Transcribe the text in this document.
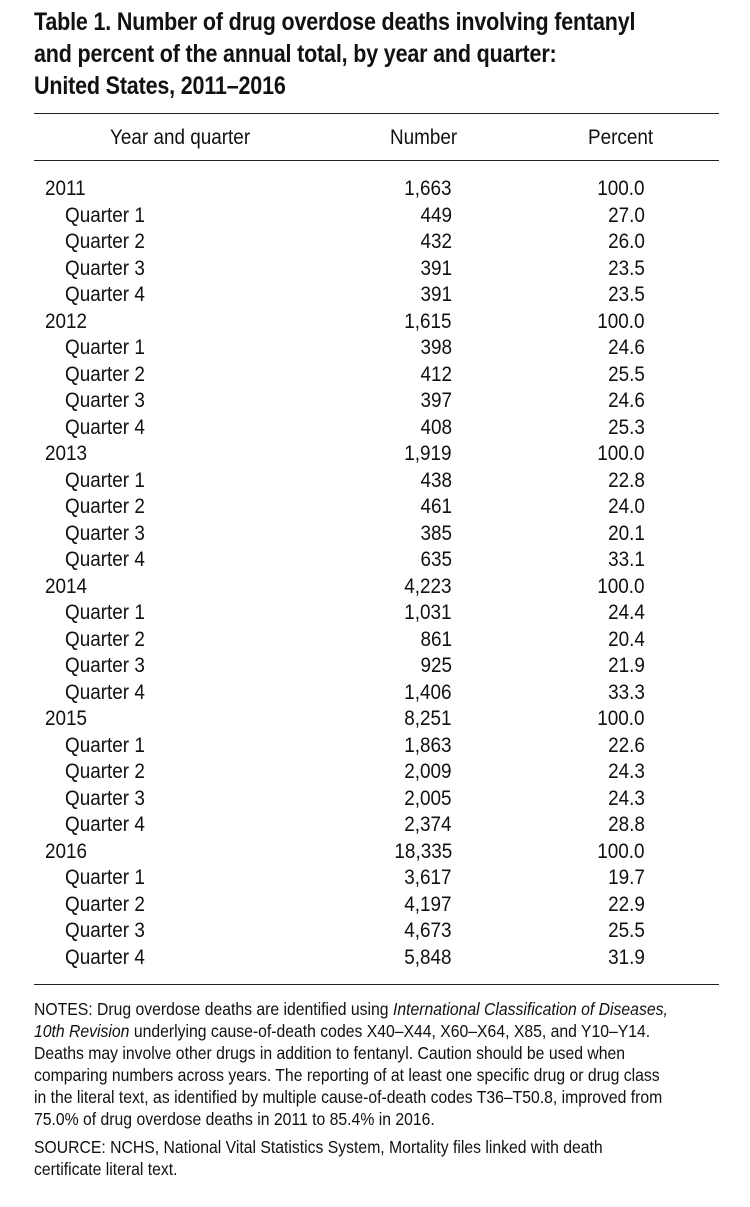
Table 1. Number of drug overdose deaths involving fentanyl
and percent of the annual total, by year and quarter:
United States, 2011–2016
Year and quarter	Number	Percent
2011	1,663	100.0
Quarter 1	449	27.0
Quarter 2	432	26.0
Quarter 3	391	23.5
Quarter 4	391	23.5
2012	1,615	100.0
Quarter 1	398	24.6
Quarter 2	412	25.5
Quarter 3	397	24.6
Quarter 4	408	25.3
2013	1,919	100.0
Quarter 1	438	22.8
Quarter 2	461	24.0
Quarter 3	385	20.1
Quarter 4	635	33.1
2014	4,223	100.0
Quarter 1	1,031	24.4
Quarter 2	861	20.4
Quarter 3	925	21.9
Quarter 4	1,406	33.3
2015	8,251	100.0
Quarter 1	1,863	22.6
Quarter 2	2,009	24.3
Quarter 3	2,005	24.3
Quarter 4	2,374	28.8
2016	18,335	100.0
Quarter 1	3,617	19.7
Quarter 2	4,197	22.9
Quarter 3	4,673	25.5
Quarter 4	5,848	31.9

NOTES: Drug overdose deaths are identified using International Classification of Diseases,

10th Revision underlying cause-of-death codes X40–X44, X60–X64, X85, and Y10–Y14.

Deaths may involve other drugs in addition to fentanyl. Caution should be used when

comparing numbers across years. The reporting of at least one specific drug or drug class

in the literal text, as identified by multiple cause-of-death codes T36–T50.8, improved from

75.0% of drug overdose deaths in 2011 to 85.4% in 2016.

SOURCE: NCHS, National Vital Statistics System, Mortality files linked with death

certificate literal text.
